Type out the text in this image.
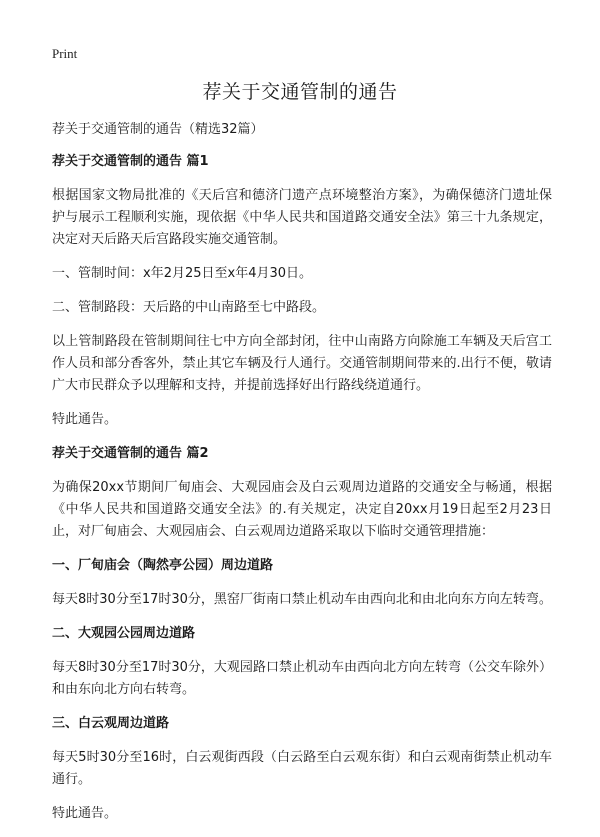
Print
荐关于交通管制的通告

荐关于交通管制的通告（精选32篇）

荐关于交通管制的通告 篇1

根据国家文物局批准的《天后宫和德济门遗产点环境整治方案》，为确保德济门遗址保护与展示工程顺利实施，现依据《中华人民共和国道路交通安全法》第三十九条规定，决定对天后路天后宫路段实施交通管制。

一、管制时间：x年2月25日至x年4月30日。

二、管制路段：天后路的中山南路至七中路段。

以上管制路段在管制期间往七中方向全部封闭，往中山南路方向除施工车辆及天后宫工作人员和部分香客外，禁止其它车辆及行人通行。交通管制期间带来的.出行不便，敬请广大市民群众予以理解和支持，并提前选择好出行路线绕道通行。

特此通告。

荐关于交通管制的通告 篇2

为确保20xx节期间厂甸庙会、大观园庙会及白云观周边道路的交通安全与畅通，根据《中华人民共和国道路交通安全法》的.有关规定，决定自20xx月19日起至2月23日止，对厂甸庙会、大观园庙会、白云观周边道路采取以下临时交通管理措施：

一、厂甸庙会（陶然亭公园）周边道路

每天8时30分至17时30分，黑窑厂街南口禁止机动车由西向北和由北向东方向左转弯。

二、大观园公园周边道路

每天8时30分至17时30分，大观园路口禁止机动车由西向北方向左转弯（公交车除外）和由东向北方向右转弯。

三、白云观周边道路

每天5时30分至16时，白云观街西段（白云路至白云观东街）和白云观南街禁止机动车通行。

特此通告。
